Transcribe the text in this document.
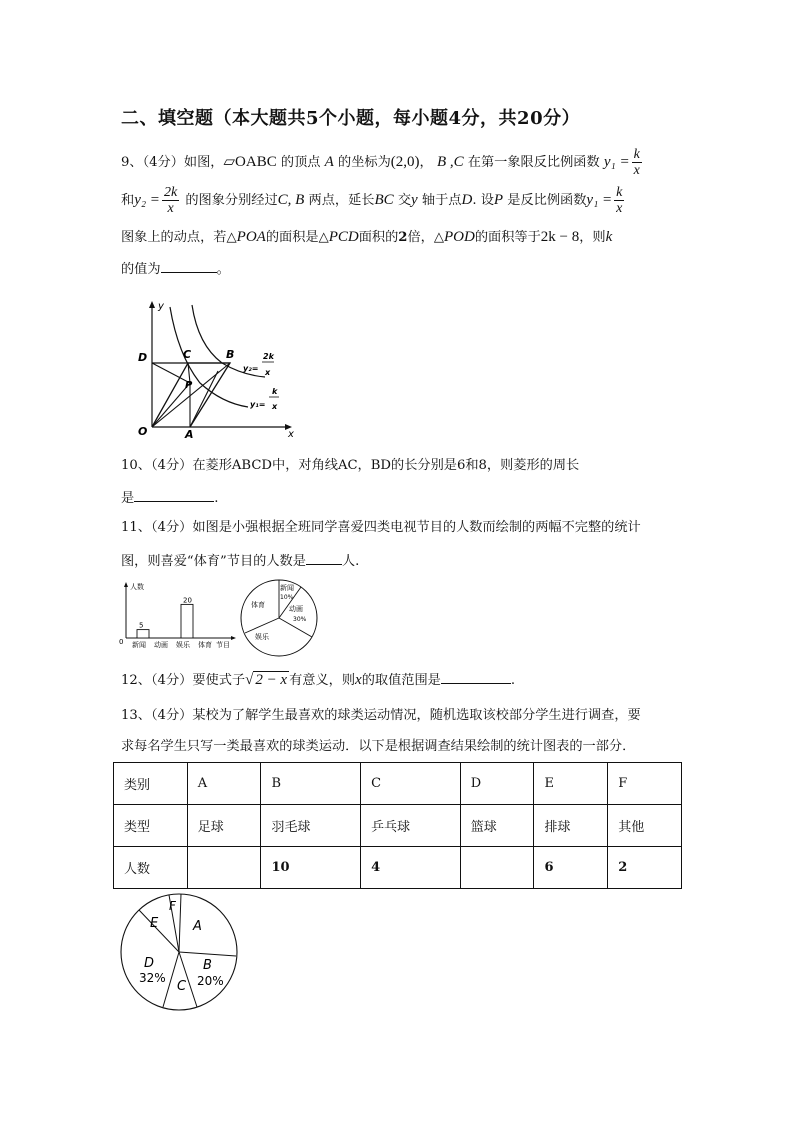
二、填空题（本大题共5个小题，每小题4分，共20分）
9、（4分）如图，▱OABC 的顶点 A 的坐标为(2,0)， B ,C 在第一象限反比例函数 $y_1 = \frac{k}{x}$
和$y_2 = \frac{2k}{x}$ 的图象分别经过C, B 两点，延长BC 交y 轴于点D. 设P 是反比例函数$y_1 = \frac{k}{x}$
图象上的动点，若△POA的面积是△PCD面积的2倍，△POD的面积等于2k − 8，则k
的值为	。
y
x
O
D	C	B
P
A
y₂=
2k
x
y₁=
k
x
10、（4分）在菱形ABCD中，对角线AC，BD的长分别是6和8，则菱形的周长
是	.
11、（4分）如图是小强根据全班同学喜爱四类电视节目的人数而绘制的两幅不完整的统计
图，则喜爱“体育”节目的人数是	人.
人数
0
5
新闻 动画
20
娱乐 体育 节目
新闻
10%
动画
30%
娱乐
体育
12、（4分）要使式子√ 2 − x 有意义，则x的取值范围是	.
13、（4分）某校为了解学生最喜欢的球类运动情况，随机选取该校部分学生进行调查，要
求每名学生只写一类最喜欢的球类运动．以下是根据调查结果绘制的统计图表的一部分．
类别	A	B	C	D	E	F
类型	足球	羽毛球	乒乓球	篮球	排球	其他
人数		10	4		6	2
F
E	A
D
32%
C
B
20%
